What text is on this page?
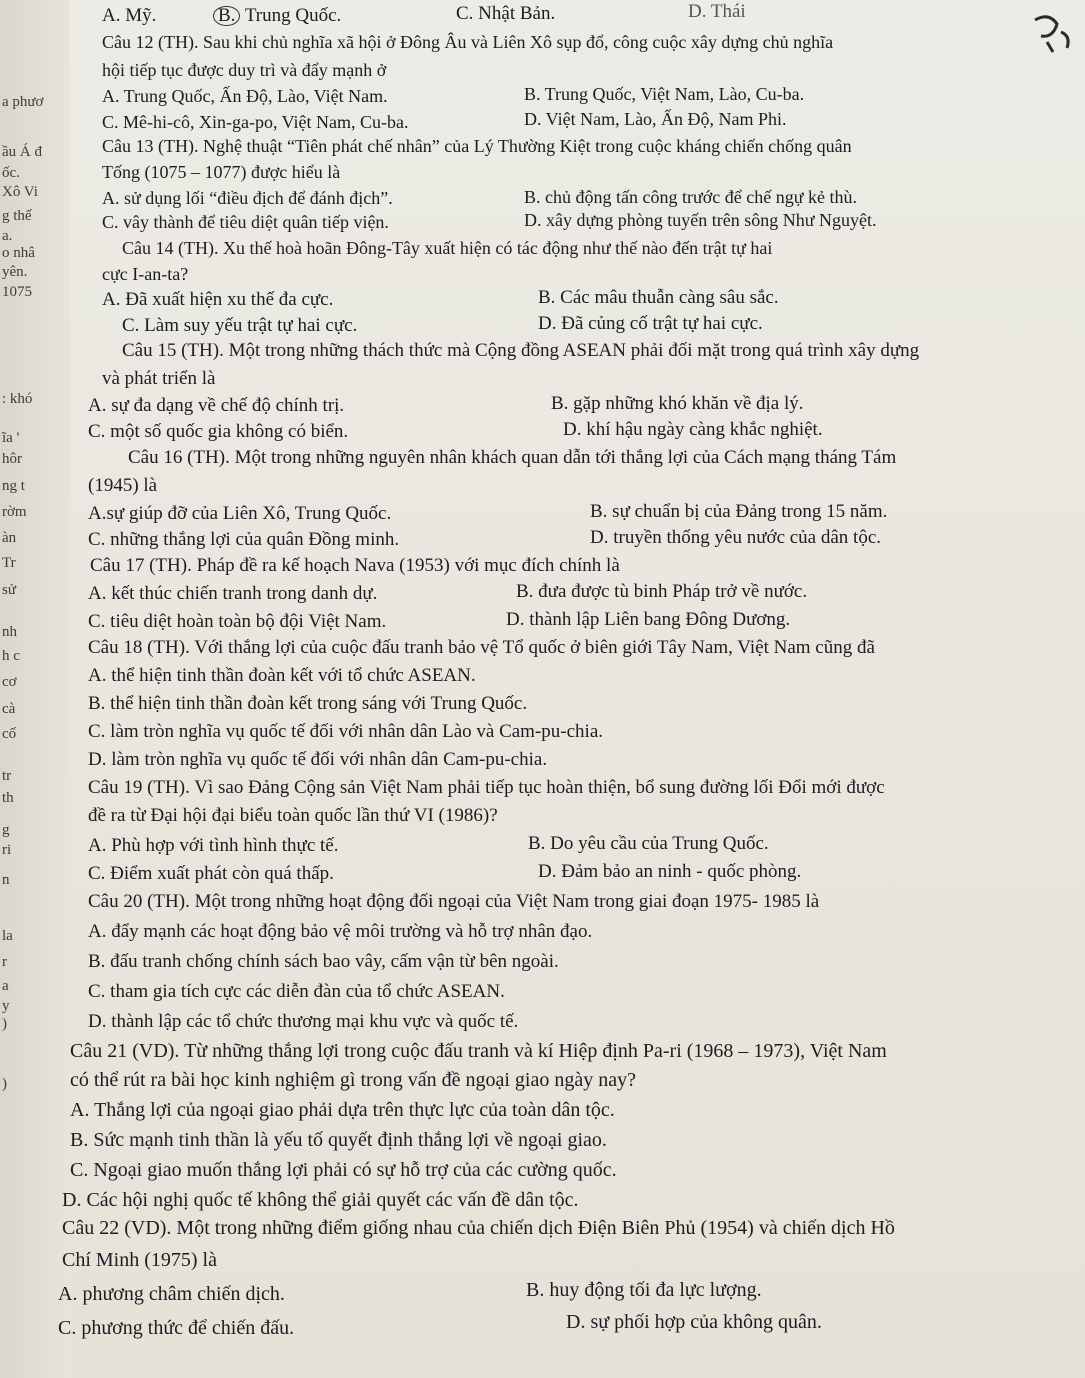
a phươ
ầu Á đ
ốc.
Xô Vi
g thế
a.
o nhâ
yên.
1075
: khó
ĩa '
hôr
ng t
rờm
àn
Tr
sử
nh
h c
cơ
cà
cố
tr
th
g
ri
n
la
r
a
y
)
)
A. Mỹ.	B. Trung Quốc.	C. Nhật Bản.	D. Thái
Câu 12 (TH). Sau khi chủ nghĩa xã hội ở Đông Âu và Liên Xô sụp đổ, công cuộc xây dựng chủ nghĩa
hội tiếp tục được duy trì và đẩy mạnh ở
A. Trung Quốc, Ấn Độ, Lào, Việt Nam.	B. Trung Quốc, Việt Nam, Lào, Cu-ba.
C. Mê-hi-cô, Xin-ga-po, Việt Nam, Cu-ba.	D. Việt Nam, Lào, Ấn Độ, Nam Phi.
Câu 13 (TH). Nghệ thuật “Tiên phát chế nhân” của Lý Thường Kiệt trong cuộc kháng chiến chống quân
Tống (1075 – 1077) được hiểu là
A. sử dụng lối “điều địch để đánh địch”.	B. chủ động tấn công trước để chế ngự kẻ thù.
C. vây thành để tiêu diệt quân tiếp viện.	D. xây dựng phòng tuyến trên sông Như Nguyệt.
Câu 14 (TH). Xu thế hoà hoãn Đông-Tây xuất hiện có tác động như thế nào đến trật tự hai
cực I-an-ta?
A. Đã xuất hiện xu thế đa cực.	B. Các mâu thuẫn càng sâu sắc.
C. Làm suy yếu trật tự hai cực.	D. Đã củng cố trật tự hai cực.
Câu 15 (TH). Một trong những thách thức mà Cộng đồng ASEAN phải đối mặt trong quá trình xây dựng
và phát triển là
A. sự đa dạng về chế độ chính trị.	B. gặp những khó khăn về địa lý.
C. một số quốc gia không có biển.	D. khí hậu ngày càng khắc nghiệt.
Câu 16 (TH). Một trong những nguyên nhân khách quan dẫn tới thắng lợi của Cách mạng tháng Tám
(1945) là
A.sự giúp đỡ của Liên Xô, Trung Quốc.	B. sự chuẩn bị của Đảng trong 15 năm.
C. những thắng lợi của quân Đồng minh.	D. truyền thống yêu nước của dân tộc.
Câu 17 (TH). Pháp đề ra kế hoạch Nava (1953) với mục đích chính là
A. kết thúc chiến tranh trong danh dự.	B. đưa được tù binh Pháp trở về nước.
C. tiêu diệt hoàn toàn bộ đội Việt Nam.	D. thành lập Liên bang Đông Dương.
Câu 18 (TH). Với thắng lợi của cuộc đấu tranh bảo vệ Tổ quốc ở biên giới Tây Nam, Việt Nam cũng đã
A. thể hiện tinh thần đoàn kết với tổ chức ASEAN.
B. thể hiện tinh thần đoàn kết trong sáng với Trung Quốc.
C. làm tròn nghĩa vụ quốc tế đối với nhân dân Lào và Cam-pu-chia.
D. làm tròn nghĩa vụ quốc tế đối với nhân dân Cam-pu-chia.
Câu 19 (TH). Vì sao Đảng Cộng sản Việt Nam phải tiếp tục hoàn thiện, bổ sung đường lối Đổi mới được
đề ra từ Đại hội đại biểu toàn quốc lần thứ VI (1986)?
A. Phù hợp với tình hình thực tế.	B. Do yêu cầu của Trung Quốc.
C. Điểm xuất phát còn quá thấp.	D. Đảm bảo an ninh - quốc phòng.
Câu 20 (TH). Một trong những hoạt động đối ngoại của Việt Nam trong giai đoạn 1975- 1985 là
A. đẩy mạnh các hoạt động bảo vệ môi trường và hỗ trợ nhân đạo.
B. đấu tranh chống chính sách bao vây, cấm vận từ bên ngoài.
C. tham gia tích cực các diễn đàn của tổ chức ASEAN.
D. thành lập các tổ chức thương mại khu vực và quốc tế.
Câu 21 (VD). Từ những thắng lợi trong cuộc đấu tranh và kí Hiệp định Pa-ri (1968 – 1973), Việt Nam
có thể rút ra bài học kinh nghiệm gì trong vấn đề ngoại giao ngày nay?
A. Thắng lợi của ngoại giao phải dựa trên thực lực của toàn dân tộc.
B. Sức mạnh tinh thần là yếu tố quyết định thắng lợi về ngoại giao.
C. Ngoại giao muốn thắng lợi phải có sự hỗ trợ của các cường quốc.
D. Các hội nghị quốc tế không thể giải quyết các vấn đề dân tộc.
Câu 22 (VD). Một trong những điểm giống nhau của chiến dịch Điện Biên Phủ (1954) và chiến dịch Hồ
Chí Minh (1975) là
A. phương châm chiến dịch.	B. huy động tối đa lực lượng.
C. phương thức để chiến đấu.	D. sự phối hợp của không quân.
